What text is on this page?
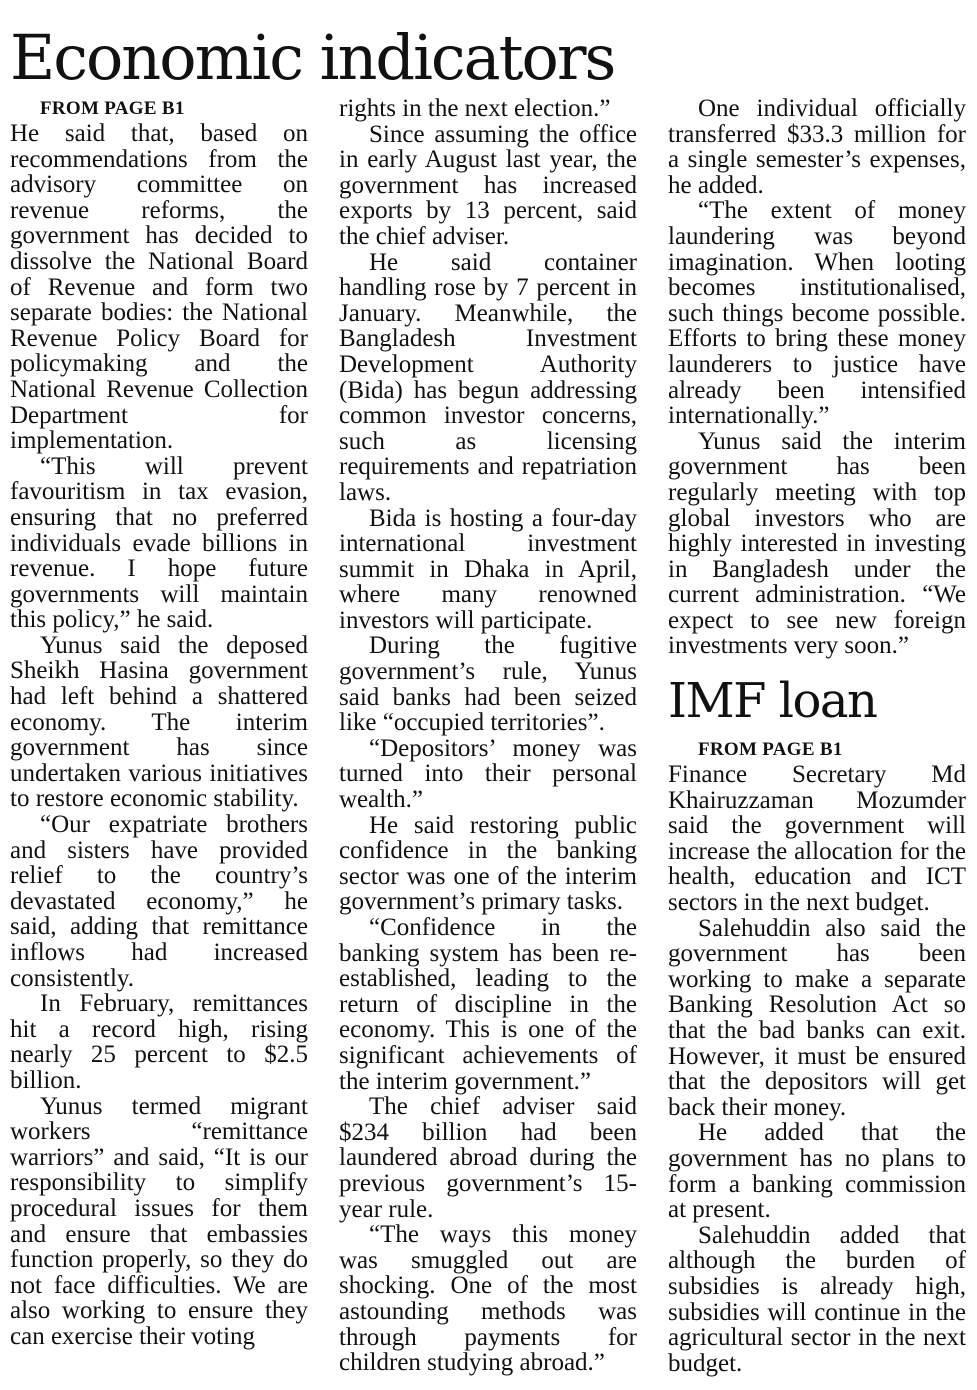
Economic indicators

FROM PAGE B1

He said that, based on recommendations from the advisory committee on revenue reforms, the government has decided to dissolve the National Board of Revenue and form two separate bodies: the National Revenue Policy Board for policymaking and the National Revenue Collection Department for implementation.

“This will prevent favouritism in tax evasion, ensuring that no preferred individuals evade billions in revenue. I hope future governments will maintain this policy,” he said.

Yunus said the deposed Sheikh Hasina government had left behind a shattered economy. The interim government has since undertaken various initiatives to restore economic stability.

“Our expatriate brothers and sisters have provided relief to the country’s devastated economy,” he said, adding that remittance inflows had increased consistently.

In February, remittances hit a record high, rising nearly 25 percent to $2.5 billion.

Yunus termed migrant workers “remittance warriors” and said, “It is our responsibility to simplify procedural issues for them and ensure that embassies function properly, so they do not face difficulties. We are also working to ensure they can exercise their voting

rights in the next election.”

Since assuming the office in early August last year, the government has increased exports by 13 percent, said the chief adviser.

He said container handling rose by 7 percent in January. Meanwhile, the Bangladesh Investment Development Authority (Bida) has begun addressing common investor concerns, such as licensing requirements and repatriation laws.

Bida is hosting a four-day international investment summit in Dhaka in April, where many renowned investors will participate.

During the fugitive government’s rule, Yunus said banks had been seized like “occupied territories”.

“Depositors’ money was turned into their personal wealth.”

He said restoring public confidence in the banking sector was one of the interim government’s primary tasks.

“Confidence in the banking system has been re-established, leading to the return of discipline in the economy. This is one of the significant achievements of the interim government.”

The chief adviser said $234 billion had been laundered abroad during the previous government’s 15-year rule.

“The ways this money was smuggled out are shocking. One of the most astounding methods was through payments for children studying abroad.”

One individual officially transferred $33.3 million for a single semester’s expenses, he added.

“The extent of money laundering was beyond imagination. When looting becomes institutionalised, such things become possible. Efforts to bring these money launderers to justice have already been intensified internationally.”

Yunus said the interim government has been regularly meeting with top global investors who are highly interested in investing in Bangladesh under the current administration. “We expect to see new foreign investments very soon.”

IMF loan

FROM PAGE B1

Finance Secretary Md Khairuzzaman Mozumder said the government will increase the allocation for the health, education and ICT sectors in the next budget.

Salehuddin also said the government has been working to make a separate Banking Resolution Act so that the bad banks can exit. However, it must be ensured that the depositors will get back their money.

He added that the government has no plans to form a banking commission at present.

Salehuddin added that although the burden of subsidies is already high, subsidies will continue in the agricultural sector in the next budget.
